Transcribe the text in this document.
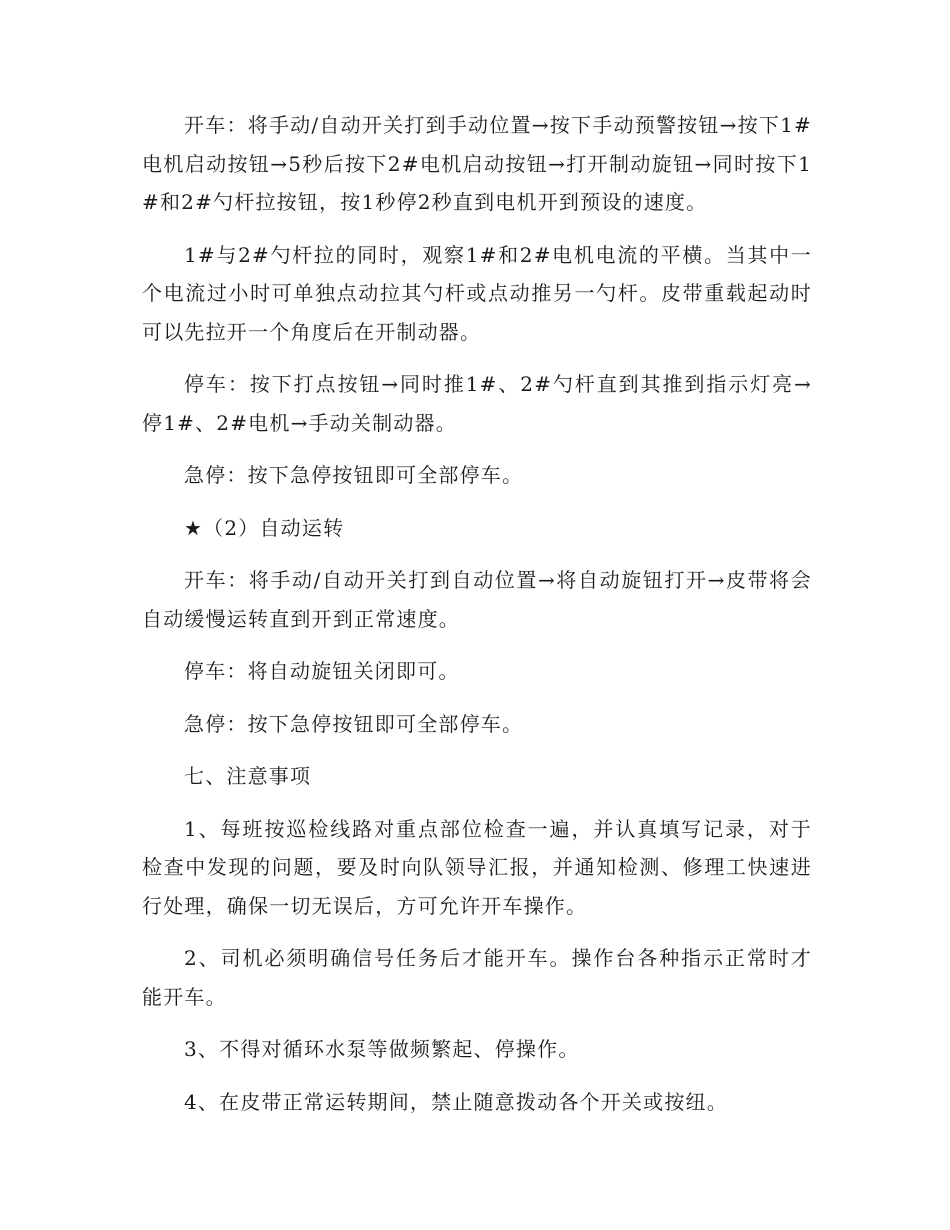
开车：将手动/自动开关打到手动位置→按下手动预警按钮→按下1#电机启动按钮→5秒后按下2#电机启动按钮→打开制动旋钮→同时按下1#和2#勺杆拉按钮，按1秒停2秒直到电机开到预设的速度。

1#与2#勺杆拉的同时，观察1#和2#电机电流的平横。当其中一个电流过小时可单独点动拉其勺杆或点动推另一勺杆。皮带重载起动时可以先拉开一个角度后在开制动器。

停车：按下打点按钮→同时推1#、2#勺杆直到其推到指示灯亮→停1#、2#电机→手动关制动器。

急停：按下急停按钮即可全部停车。

★（2）自动运转

开车：将手动/自动开关打到自动位置→将自动旋钮打开→皮带将会自动缓慢运转直到开到正常速度。

停车：将自动旋钮关闭即可。

急停：按下急停按钮即可全部停车。

七、注意事项

1、每班按巡检线路对重点部位检查一遍，并认真填写记录，对于检查中发现的问题，要及时向队领导汇报，并通知检测、修理工快速进行处理，确保一切无误后，方可允许开车操作。

2、司机必须明确信号任务后才能开车。操作台各种指示正常时才能开车。

3、不得对循环水泵等做频繁起、停操作。

4、在皮带正常运转期间，禁止随意拨动各个开关或按纽。
